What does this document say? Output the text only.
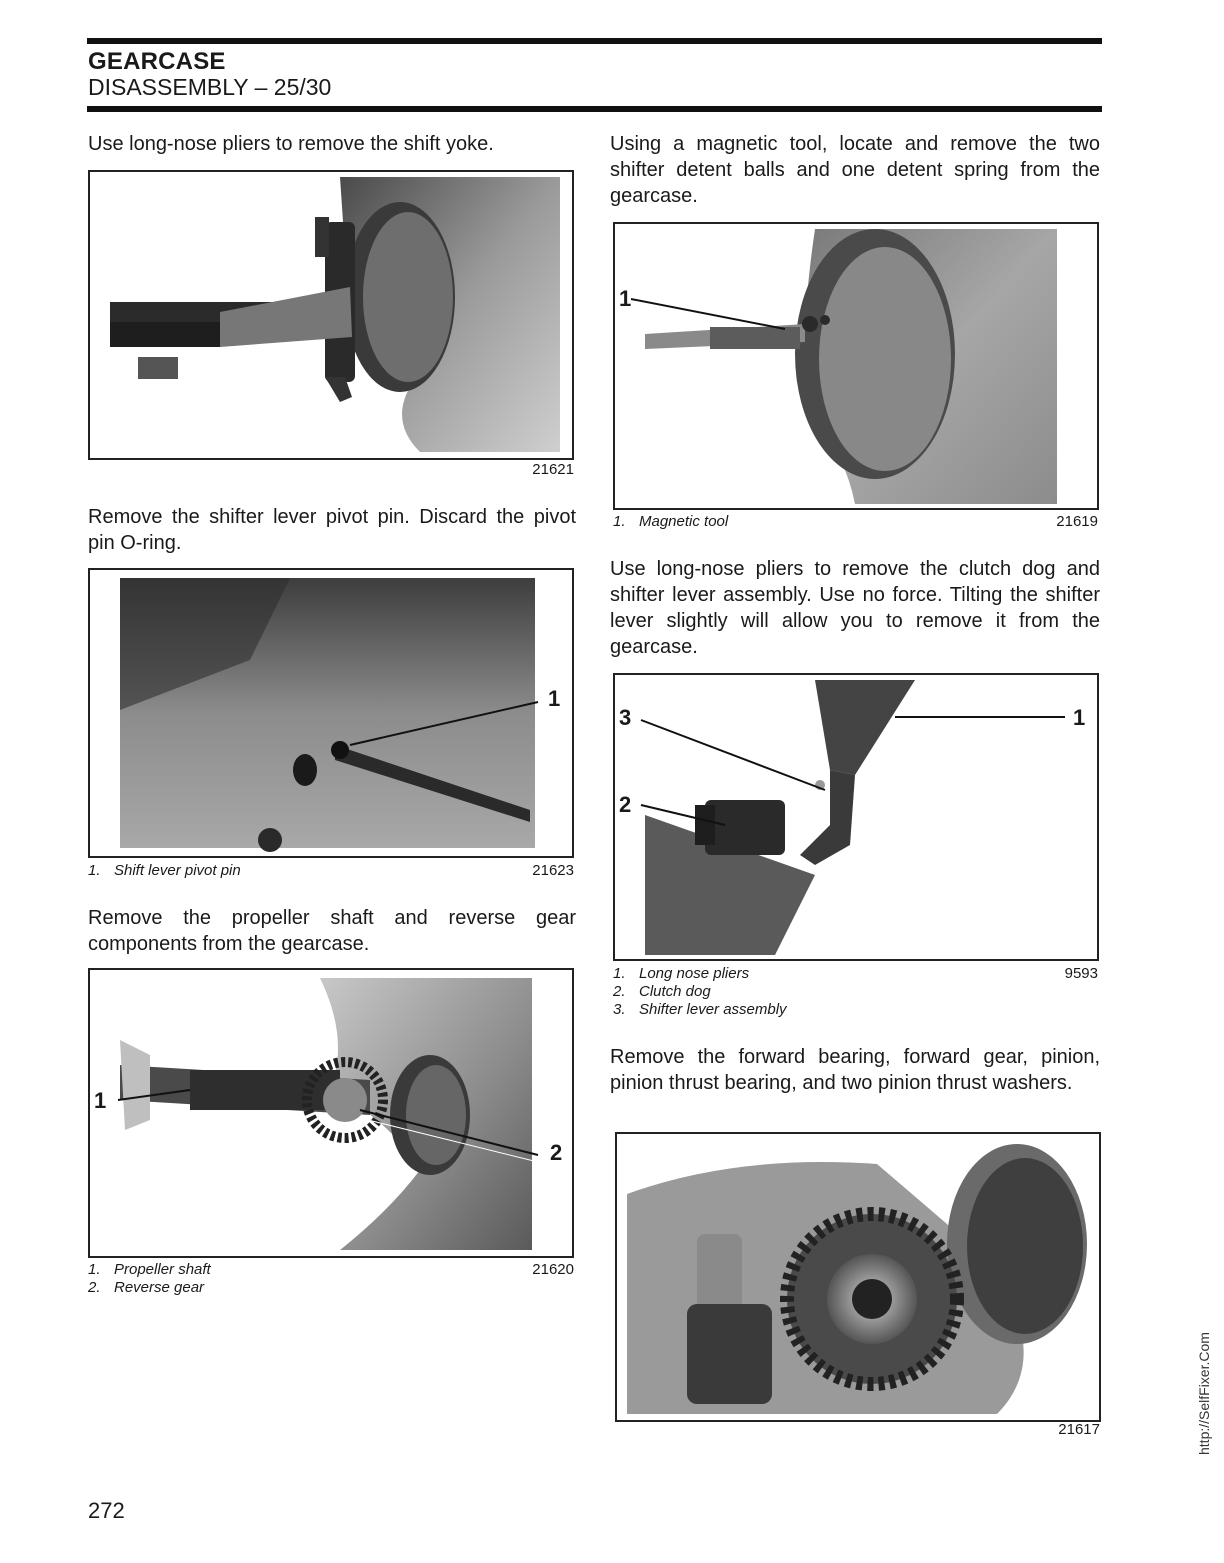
GEARCASE
DISASSEMBLY – 25/30
Use long-nose pliers to remove the shift yoke.
21621
Remove the shifter lever pivot pin. Discard the pivot pin O-ring.
1
1. Shift lever pivot pin	21623
Remove the propeller shaft and reverse gear components from the gearcase.
1
2
1. Propeller shaft
2. Reverse gear
21620
Using a magnetic tool, locate and remove the two shifter detent balls and one detent spring from the gearcase.
1
1. Magnetic tool	21619
Use long-nose pliers to remove the clutch dog and shifter lever assembly. Use no force. Tilting the shifter lever slightly will allow you to remove it from the gearcase.
3	1
2
1. Long nose pliers
2. Clutch dog
3. Shifter lever assembly
9593
Remove the forward bearing, forward gear, pinion, pinion thrust bearing, and two pinion thrust washers.
21617
272
http://SelfFixer.Com
